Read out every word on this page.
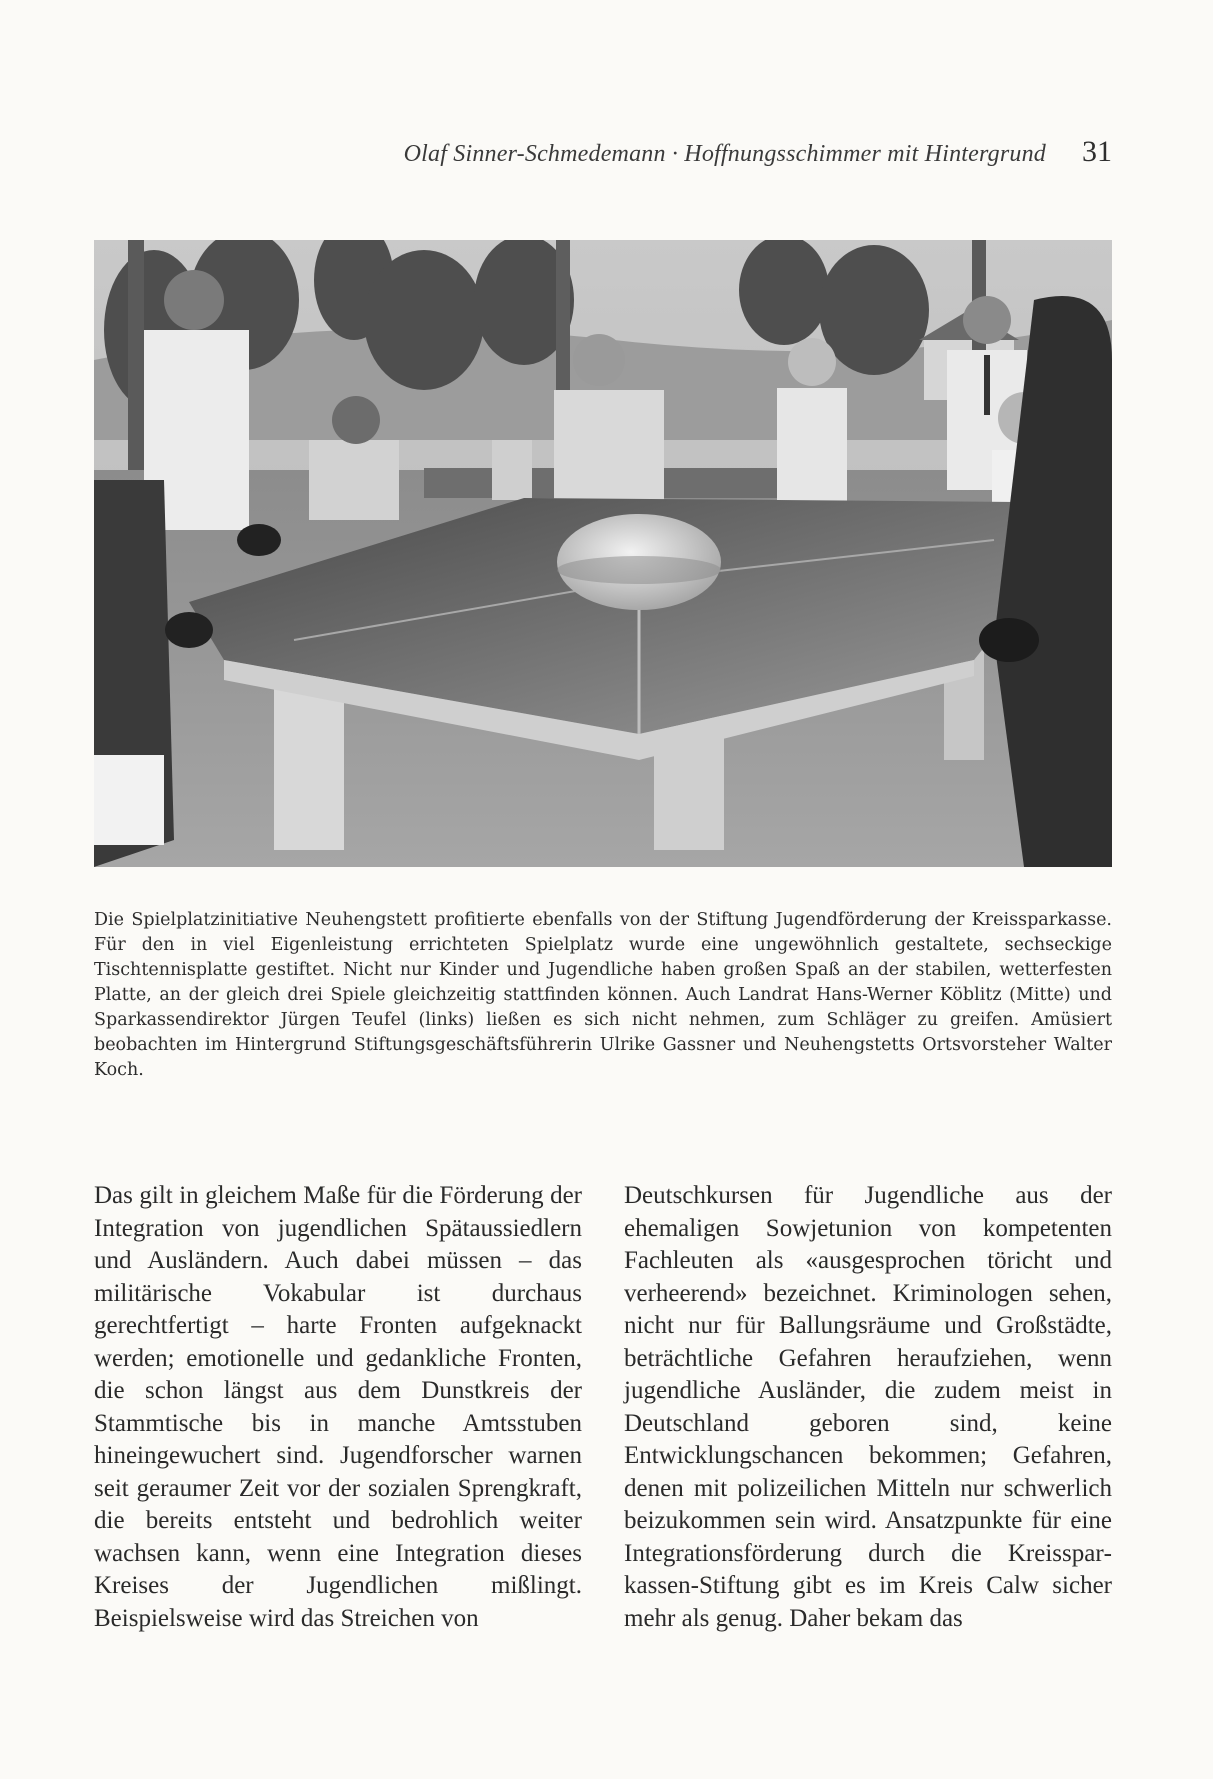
Olaf Sinner-Schmedemann · Hoffnungsschimmer mit Hintergrund 31

Die Spielplatzinitiative Neuhengstett profitierte ebenfalls von der Stiftung Jugendförderung der Kreissparkasse. Für den in viel Eigenleistung errichteten Spielplatz wurde eine ungewöhnlich gestaltete, sechseckige Tischtennisplatte gestiftet. Nicht nur Kinder und Jugendliche haben großen Spaß an der stabilen, wetterfesten Platte, an der gleich drei Spiele gleichzeitig stattfinden können. Auch Landrat Hans-Werner Köblitz (Mitte) und Sparkassendirektor Jürgen Teufel (links) ließen es sich nicht nehmen, zum Schläger zu greifen. Amüsiert beobachten im Hintergrund Stiftungsgeschäftsführerin Ulrike Gassner und Neuhengstetts Ortsvorsteher Walter Koch.

Das gilt in gleichem Maße für die Förderung der Integration von jugendlichen Spätaussiedlern und Ausländern. Auch dabei müssen – das militärische Vokabular ist durchaus gerechtfertigt – harte Fronten aufgeknackt werden; emotionelle und gedankliche Fronten, die schon längst aus dem Dunstkreis der Stammtische bis in manche Amtsstuben hineingewuchert sind. Jugendforscher warnen seit geraumer Zeit vor der sozialen Sprengkraft, die bereits entsteht und bedrohlich weiter wachsen kann, wenn eine Integration dieses Kreises der Jugendlichen mißlingt. Beispielsweise wird das Streichen von

Deutschkursen für Jugendliche aus der ehemaligen Sowjetunion von kompetenten Fachleuten als «ausgesprochen töricht und verheerend» bezeichnet. Kriminologen sehen, nicht nur für Ballungsräume und Großstädte, beträchtliche Gefahren heraufziehen, wenn jugendliche Ausländer, die zudem meist in Deutschland geboren sind, keine Entwicklungschancen bekommen; Gefahren, denen mit polizeilichen Mitteln nur schwerlich beizukommen sein wird. Ansatzpunkte für eine Integrationsförderung durch die Kreissparkassen-Stiftung gibt es im Kreis Calw sicher mehr als genug. Daher bekam das
